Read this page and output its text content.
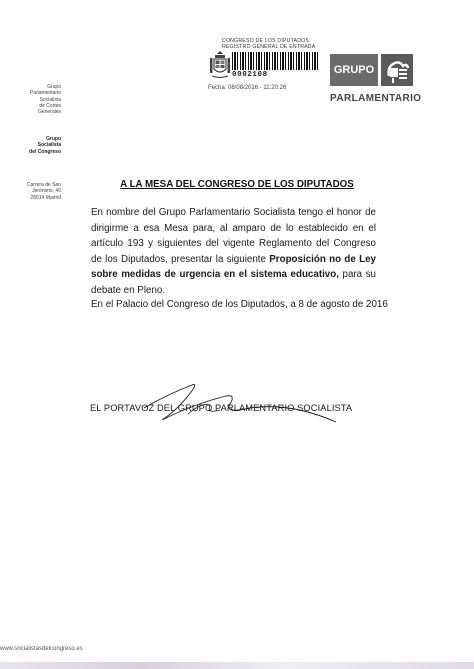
CONGRESO DE LOS DIPUTADOS
REGISTRO GENERAL DE ENTRADA
0002108
Fecha: 08/08/2016 - 11:20:26
GRUPO
PARLAMENTARIO
Grupo
Parlamentario
Socialista
de Cortes
Generales
Grupo
Socialista
del Congreso
Carrera de San
Jerónimo, 40
28014 Madrid
A LA MESA DEL CONGRESO DE LOS DIPUTADOS
En nombre del Grupo Parlamentario Socialista tengo el honor de dirigirme a esa Mesa para, al amparo de lo establecido en el artículo 193 y siguientes del vigente Reglamento del Congreso de los Diputados, presentar la siguiente Proposición no de Ley sobre medidas de urgencia en el sistema educativo, para su debate en Pleno.
En el Palacio del Congreso de los Diputados, a 8 de agosto de 2016
EL PORTAVOZ DEL GRUPO PARLAMENTARIO SOCIALISTA
www.socialistasdelcongreso.es
